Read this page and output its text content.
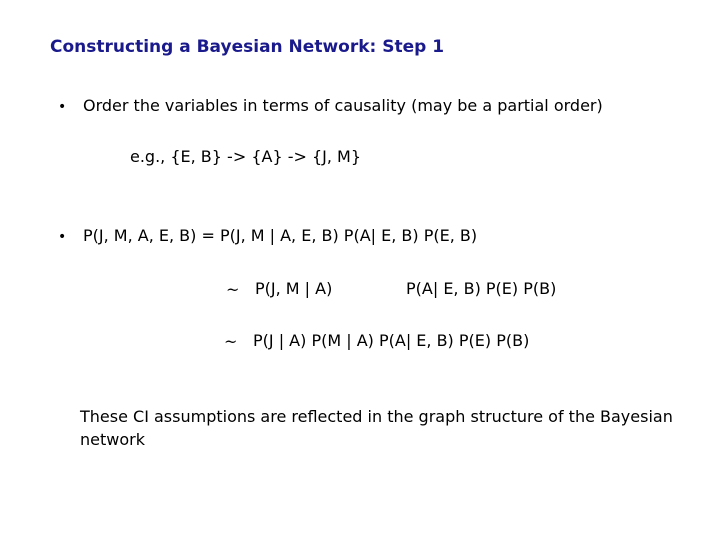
Constructing a Bayesian Network: Step 1
• Order the variables in terms of causality (may be a partial order)
e.g., {E, B} -> {A} -> {J, M}
• P(J, M, A, E, B) = P(J, M | A, E, B) P(A| E, B) P(E, B)
~ P(J, M | A)	P(A| E, B) P(E) P(B)
~ P(J | A) P(M | A) P(A| E, B) P(E) P(B)
These CI assumptions are reflected in the graph structure of the Bayesian network
